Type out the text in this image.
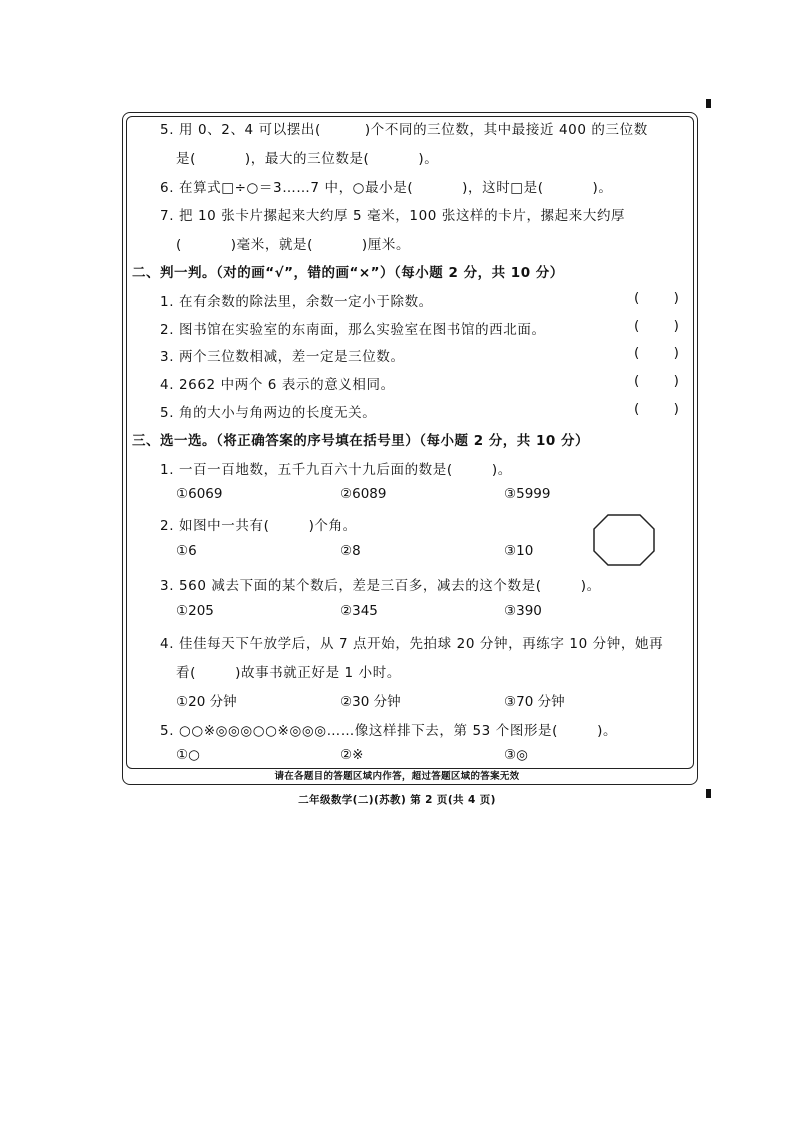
5. 用 0、2、4 可以摆出(         )个不同的三位数，其中最接近 400 的三位数
是(          )，最大的三位数是(          )。
6. 在算式□÷○＝3……7 中，○最小是(          )，这时□是(          )。
7. 把 10 张卡片摞起来大约厚 5 毫米，100 张这样的卡片，摞起来大约厚
(          )毫米，就是(          )厘米。
二、判一判。（对的画“√”，错的画“×”）（每小题 2 分，共 10 分）
1. 在有余数的除法里，余数一定小于除数。	(        )
2. 图书馆在实验室的东南面，那么实验室在图书馆的西北面。	(        )
3. 两个三位数相减，差一定是三位数。	(        )
4. 2662 中两个 6 表示的意义相同。	(        )
5. 角的大小与角两边的长度无关。	(        )
三、选一选。（将正确答案的序号填在括号里）（每小题 2 分，共 10 分）
1. 一百一百地数，五千九百六十九后面的数是(        )。
①6069	②6089	③5999
2. 如图中一共有(        )个角。
①6	②8	③10
3. 560 减去下面的某个数后，差是三百多，减去的这个数是(        )。
①205	②345	③390
4. 佳佳每天下午放学后，从 7 点开始，先拍球 20 分钟，再练字 10 分钟，她再
看(        )故事书就正好是 1 小时。
①20 分钟	②30 分钟	③70 分钟
5. ○○※◎◎◎○○※◎◎◎……像这样排下去，第 53 个图形是(        )。
①○	②※	③◎
请在各题目的答题区域内作答，超过答题区域的答案无效
二年级数学(二)(苏教) 第 2 页(共 4 页)
